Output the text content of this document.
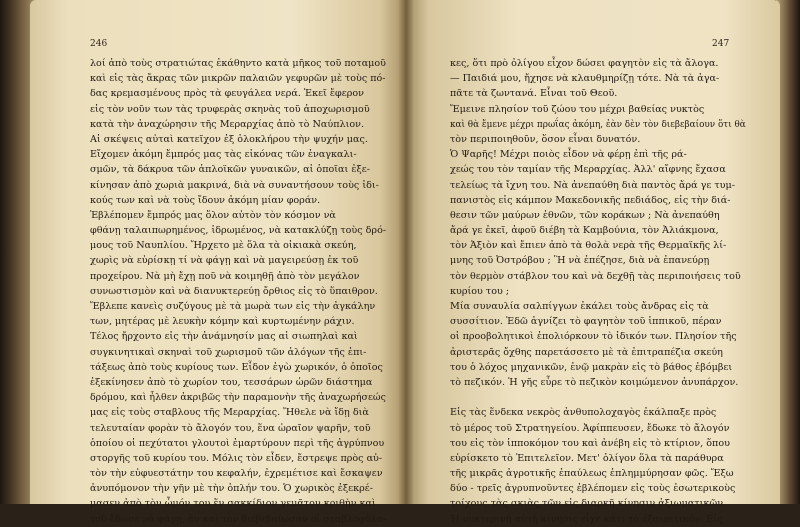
246
λοί ἀπὸ τοὺς στρατιώτας ἐκάθηντο κατὰ μῆκος τοῦ ποταμοῦ
καὶ εἰς τὰς ἄκρας τῶν μικρῶν παλαιῶν γεφυρῶν μὲ τοὺς πό-
δας κρεμασμένους πρὸς τὰ φευγάλεα νερά. Ἐκεῖ ἔφερον
εἰς τὸν νοῦν των τὰς τρυφερὰς σκηνὰς τοῦ ἀποχωρισμοῦ
κατὰ τὴν ἀναχώρησιν τῆς Μεραρχίας ἀπὸ τὸ Ναύπλιον.
Αἱ σκέψεις αὐταὶ κατεῖχον ἐξ ὁλοκλήρου τὴν ψυχήν μας.
Εἴχομεν ἀκόμη ἔμπρός μας τὰς εἰκόνας τῶν ἐναγκαλι-
σμῶν, τὰ δάκρυα τῶν ἀπλοϊκῶν γυναικῶν, αἱ ὁποῖαι ἐξε-
κίνησαν ἀπὸ χωριὰ μακρινά, διὰ νὰ συναντήσουν τοὺς ἰδι-
κούς των καὶ νὰ τοὺς ἴδουν ἀκόμη μίαν φοράν.
Ἐβλέπομεν ἔμπρός μας ὅλον αὐτὸν τὸν κόσμον νὰ
φθάνῃ ταλαιπωρημένος, ἱδρωμένος, νὰ κατακλύζῃ τοὺς δρό-
μους τοῦ Ναυπλίου. Ἤρχετο μὲ ὅλα τὰ οἰκιακὰ σκεύη,
χωρὶς νὰ εὑρίσκῃ τί νὰ φάγῃ καὶ νὰ μαγειρεύσῃ ἐκ τοῦ
προχείρου. Νὰ μὴ ἔχῃ ποῦ νὰ κοιμηθῇ ἀπὸ τὸν μεγάλον
συνωστισμὸν καὶ νὰ διανυκτερεύῃ ὄρθιος εἰς τὸ ὕπαιθρον.
Ἔβλεπε κανεὶς συζύγους μὲ τὰ μωρὰ των εἰς τὴν ἀγκάλην
των, μητέρας μὲ λευκὴν κόμην καὶ κυρτωμένην ράχιν.
Τέλος ἤρχοντο εἰς τὴν ἀνάμνησίν μας αἱ σιωπηλαὶ καὶ
συγκινητικαὶ σκηναὶ τοῦ χωρισμοῦ τῶν ἀλόγων τῆς ἐπι-
τάξεως ἀπὸ τοὺς κυρίους των. Εἶδον ἐγὼ χωρικόν, ὁ ὁποῖος
ἐξεκίνησεν ἀπὸ τὸ χωρίον του, τεσσάρων ὡρῶν διάστημα
δρόμου, καὶ ἦλθεν ἀκριβῶς τὴν παραμονὴν τῆς ἀναχωρήσεώς
μας εἰς τοὺς σταβλους τῆς Μεραρχίας. Ἤθελε νὰ ἴδῃ διὰ
τελευταίαν φορὰν τὸ ἄλογόν του, ἕνα ὡραῖον ψαρῆν, τοῦ
ὁποίου οἱ πεχύτατοι γλουτοὶ ἐμαρτύρουν περὶ τῆς ἀγρύπνου
στοργῆς τοῦ κυρίου του. Μόλις τὸν εἶδεν, ἔστρεψε πρὸς αὐ-
τὸν τὴν εὐφυεστάτην του κεφαλήν, ἐχρεμέτισε καὶ ἔσκαψεν
ἀνυπόμονον τὴν γῆν μὲ τὴν ὁπλήν του. Ὁ χωρικὸς ἐξεκρέ-
μασεν ἀπὸ τὸν ὦμόν του ἕν σακκίδιον γεμᾶτον κριθὴν καὶ
τοῦ ἔδωσε νὰ φάγῃ, ἂν καὶ τὸν διεβεβαίωσαν οἱ σταβλοφύλα-
247
κες, ὅτι πρὸ ὀλίγου εἶχον δώσει φαγητὸν εἰς τὰ ἄλογα.
— Παιδιά μου, ἤχησε νὰ κλαυθμηρίζῃ τότε. Νὰ τὰ ἀγα-
πᾶτε τὰ ζωντανά. Εἶναι τοῦ Θεοῦ.
Ἔμεινε πλησίον τοῦ ζώου του μέχρι βαθείας νυκτὸς
καὶ θὰ ἔμενε μέχρι πρωΐας ἀκόμη, ἐὰν δὲν τὸν διεβεβαίουν ὅτι θὰ
τὸν περιποιηθοῦν, ὅσον εἶναι δυνατόν.
Ὁ Ψαρῆς! Μέχρι ποιὸς εἶδον νὰ φέρῃ ἐπὶ τῆς ρά-
χεώς του τὸν ταμίαν τῆς Μεραρχίας. Ἀλλ' αἴφνης ἔχασα
τελείως τὰ ἴχνη του. Νὰ ἀνεπαύθη διὰ παντὸς ἄρά γε τυμ-
πανιστὸς εἰς κάμπον Μακεδονικῆς πεδιάδος, εἰς τὴν διά-
θεσιν τῶν μαύρων ἐθνῶν, τῶν κοράκων ; Νὰ ἀνεπαύθη
ἄρά γε ἐκεῖ, ἀφοῦ διέβη τὰ Καμβούνια, τὸν Ἀλιάκμονα,
τὸν Ἀξιὸν καὶ ἔπιεν ἀπὸ τὰ θολὰ νερὰ τῆς Θερμαϊκῆς λί-
μνης τοῦ Ὀστρόβου ; Ἢ νὰ ἐπέζησε, διὰ νὰ ἐπανεύρῃ
τὸν θερμὸν στάβλον του καὶ νὰ δεχθῇ τὰς περιποιήσεις τοῦ
κυρίου του ;
Μία συναυλία σαλπίγγων ἐκάλει τοὺς ἄνδρας εἰς τὰ
συσσίτιον. Ἐδῶ ἀγνίζει τὸ φαγητὸν τοῦ ἱππικοῦ, πέραν
οἱ προοβολητικοὶ ἐπολιόρκουν τὸ ἰδικόν των. Πλησίον τῆς
ἀριστερᾶς ὄχθης παρετάσσετο μὲ τὰ ἐπιτραπέζια σκεύη
του ὁ λόχος μηχανικῶν, ἐνῷ μακρὰν εἰς τὸ βάθος ἐβόμβει
τὸ πεζικόν. Ἡ γῆς εὗρε τὸ πεζικὸν κοιμώμενον ἀνυπάρχον.
Εἰς τὰς ἕνδεκα νεκρὸς ἀνθυπολοχαγὸς ἐκάλπαξε πρὸς
τὸ μέρος τοῦ Στρατηγείου. Ἀφίππευσεν, ἔδωκε τὸ ἄλογόν
του εἰς τὸν ἱπποκόμον του καὶ ἀνέβη εἰς τὸ κτίριον, ὅπου
εὑρίσκετο τὸ Ἐπιτελεῖον. Μετ' ὀλίγον ὅλα τὰ παράθυρα
τῆς μικρᾶς ἀγροτικῆς ἐπαύλεως ἐπλημμύρησαν φῶς. Ἔξω
δύο - τρεῖς ἀγρυπνοῦντες ἐβλέπομεν εἰς τοὺς ἐσωτερικοὺς
τοίχους τὰς σκιὰς τῶν εἰς διαρκῆ κίνησιν ἀξιωματικῶν.
Ἡ νυκτερινὴ αὐτὴ κίνησις εἶχε κάτι τὸ ἐξαιρετικόν. Εἰς
